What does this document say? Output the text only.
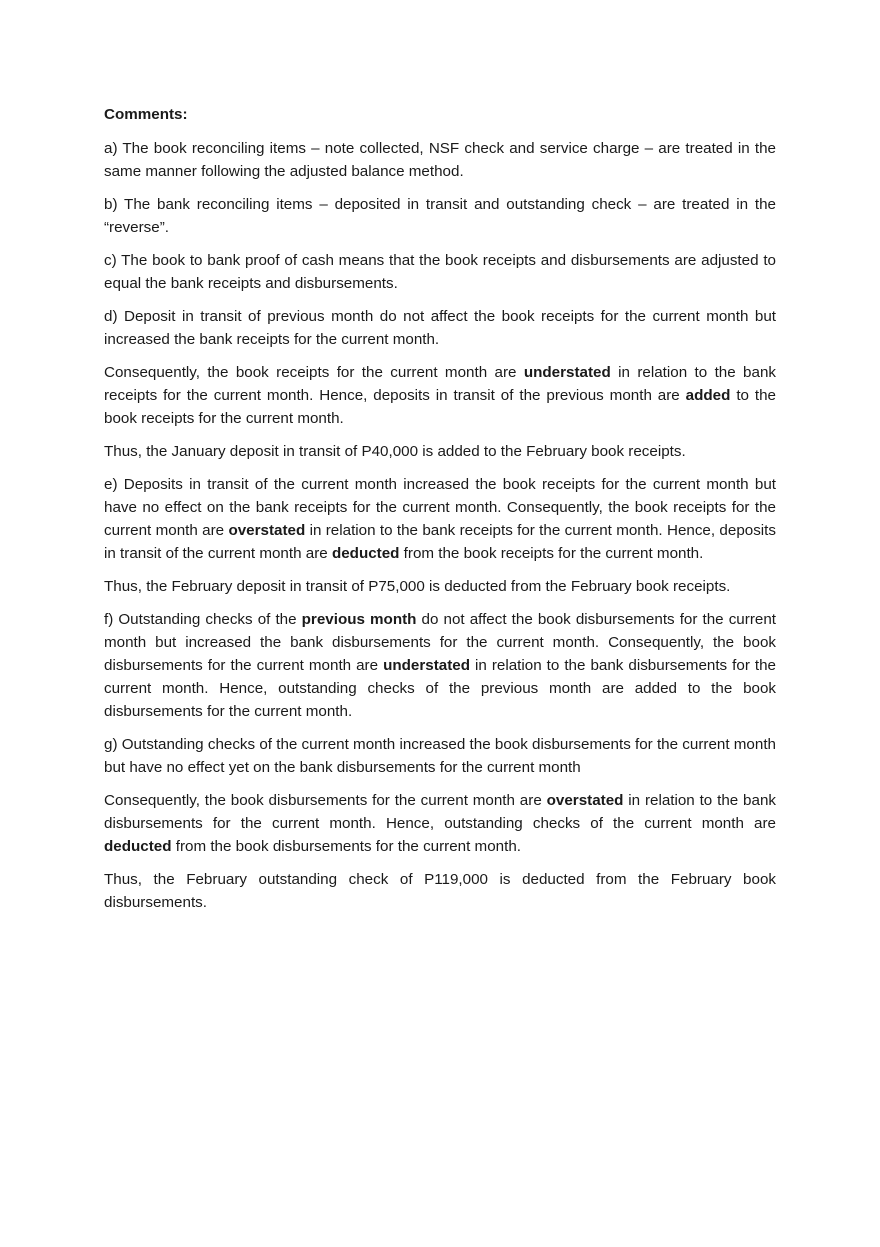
Comments:

a) The book reconciling items – note collected, NSF check and service charge – are treated in the same manner following the adjusted balance method.

b) The bank reconciling items – deposited in transit and outstanding check – are treated in the “reverse”.

c) The book to bank proof of cash means that the book receipts and disbursements are adjusted to equal the bank receipts and disbursements.

d) Deposit in transit of previous month do not affect the book receipts for the current month but increased the bank receipts for the current month.

Consequently, the book receipts for the current month are understated in relation to the bank receipts for the current month. Hence, deposits in transit of the previous month are added to the book receipts for the current month.

Thus, the January deposit in transit of P40,000 is added to the February book receipts.

e) Deposits in transit of the current month increased the book receipts for the current month but have no effect on the bank receipts for the current month. Consequently, the book receipts for the current month are overstated in relation to the bank receipts for the current month. Hence, deposits in transit of the current month are deducted from the book receipts for the current month.

Thus, the February deposit in transit of P75,000 is deducted from the February book receipts.

f) Outstanding checks of the previous month do not affect the book disbursements for the current month but increased the bank disbursements for the current month. Consequently, the book disbursements for the current month are understated in relation to the bank disbursements for the current month. Hence, outstanding checks of the previous month are added to the book disbursements for the current month.

g) Outstanding checks of the current month increased the book disbursements for the current month but have no effect yet on the bank disbursements for the current month

Consequently, the book disbursements for the current month are overstated in relation to the bank disbursements for the current month. Hence, outstanding checks of the current month are deducted from the book disbursements for the current month.

Thus, the February outstanding check of P119,000 is deducted from the February book disbursements.
